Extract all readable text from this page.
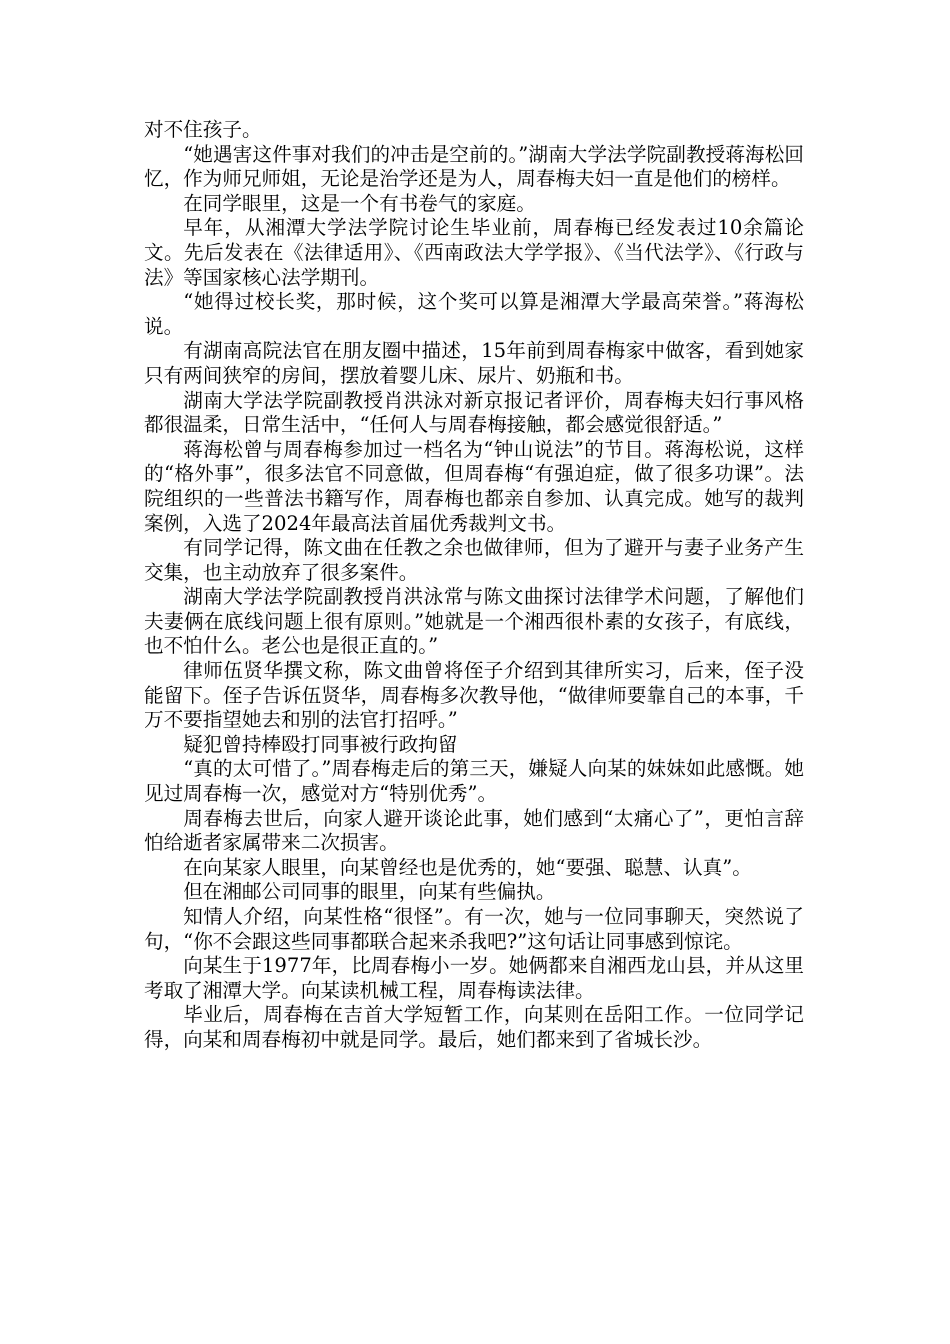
对不住孩子。

“她遇害这件事对我们的冲击是空前的。”湖南大学法学院副教授蒋海松回忆，作为师兄师姐，无论是治学还是为人，周春梅夫妇一直是他们的榜样。

在同学眼里，这是一个有书卷气的家庭。

早年，从湘潭大学法学院讨论生毕业前，周春梅已经发表过10余篇论文。先后发表在《法律适用》、《西南政法大学学报》、《当代法学》、《行政与法》等国家核心法学期刊。

“她得过校长奖，那时候，这个奖可以算是湘潭大学最高荣誉。”蒋海松说。

有湖南高院法官在朋友圈中描述，15年前到周春梅家中做客，看到她家只有两间狭窄的房间，摆放着婴儿床、尿片、奶瓶和书。

湖南大学法学院副教授肖洪泳对新京报记者评价，周春梅夫妇行事风格都很温柔，日常生活中，“任何人与周春梅接触，都会感觉很舒适。”

蒋海松曾与周春梅参加过一档名为“钟山说法”的节目。蒋海松说，这样的“格外事”，很多法官不同意做，但周春梅“有强迫症，做了很多功课”。法院组织的一些普法书籍写作，周春梅也都亲自参加、认真完成。她写的裁判案例，入选了2024年最高法首届优秀裁判文书。

有同学记得，陈文曲在任教之余也做律师，但为了避开与妻子业务产生交集，也主动放弃了很多案件。

湖南大学法学院副教授肖洪泳常与陈文曲探讨法律学术问题，了解他们夫妻俩在底线问题上很有原则。”她就是一个湘西很朴素的女孩子，有底线，也不怕什么。老公也是很正直的。”

律师伍贤华撰文称，陈文曲曾将侄子介绍到其律所实习，后来，侄子没能留下。侄子告诉伍贤华，周春梅多次教导他，“做律师要靠自己的本事，千万不要指望她去和别的法官打招呼。”

疑犯曾持棒殴打同事被行政拘留

“真的太可惜了。”周春梅走后的第三天，嫌疑人向某的妹妹如此感慨。她见过周春梅一次，感觉对方“特别优秀”。

周春梅去世后，向家人避开谈论此事，她们感到“太痛心了”，更怕言辞怕给逝者家属带来二次损害。

在向某家人眼里，向某曾经也是优秀的，她“要强、聪慧、认真”。

但在湘邮公司同事的眼里，向某有些偏执。

知情人介绍，向某性格“很怪”。有一次，她与一位同事聊天，突然说了句，“你不会跟这些同事都联合起来杀我吧?”这句话让同事感到惊诧。

向某生于1977年，比周春梅小一岁。她俩都来自湘西龙山县，并从这里考取了湘潭大学。向某读机械工程，周春梅读法律。

毕业后，周春梅在吉首大学短暂工作，向某则在岳阳工作。一位同学记得，向某和周春梅初中就是同学。最后，她们都来到了省城长沙。
